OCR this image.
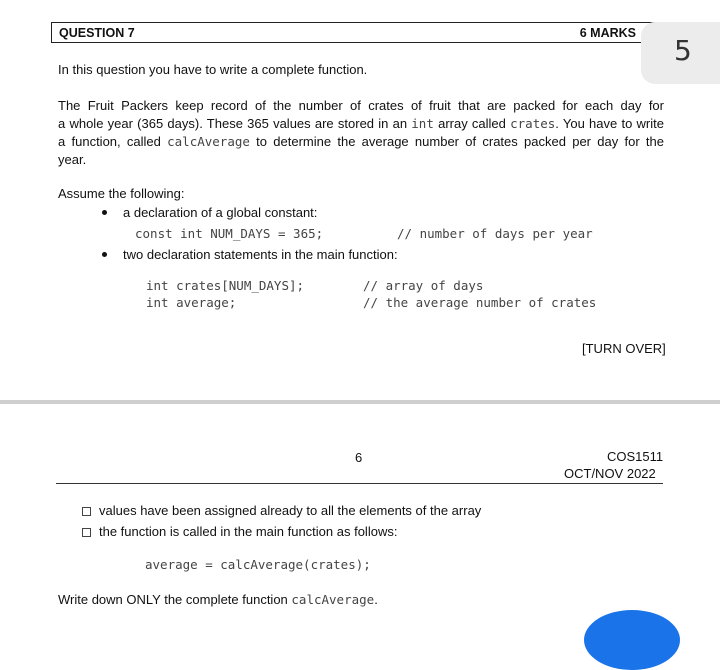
QUESTION 7	6 MARKS
5
In this question you have to write a complete function.
The Fruit Packers keep record of the number of crates of fruit that are packed for each day for
a whole year (365 days). These 365 values are stored in an int array called crates. You have to write
a function, called calcAverage to determine the average number of crates packed per day for the
year.
Assume the following:
a declaration of a global constant:
const int NUM_DAYS = 365;	// number of days per year
two declaration statements in the main function:
int crates[NUM_DAYS];	// array of days
int average;	// the average number of crates
[TURN OVER]
6	COS1511
OCT/NOV 2022
values have been assigned already to all the elements of the array
the function is called in the main function as follows:
average = calcAverage(crates);
Write down ONLY the complete function calcAverage.
